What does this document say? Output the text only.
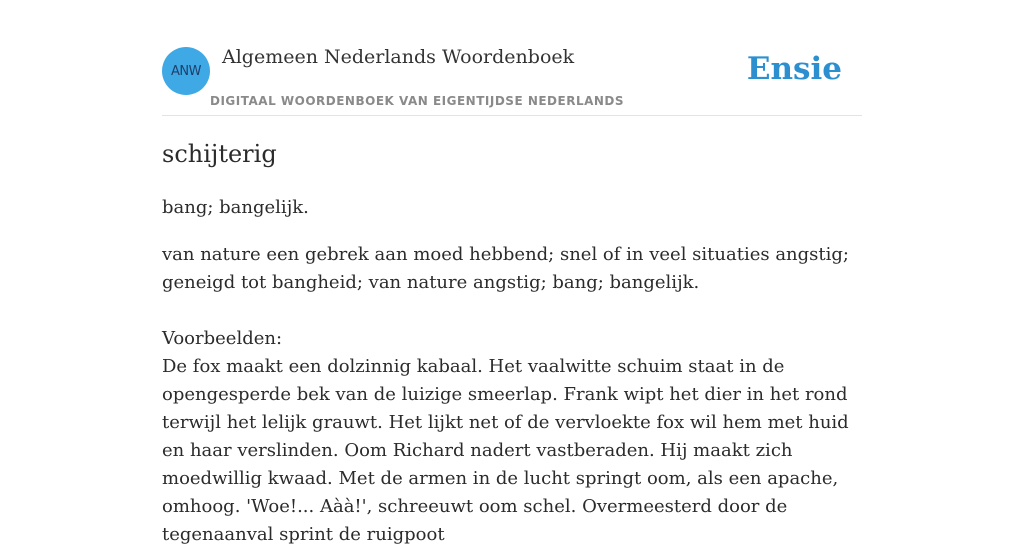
ANW
Algemeen Nederlands Woordenboek
DIGITAAL WOORDENBOEK VAN EIGENTIJDSE NEDERLANDS
Ensie
schijterig

bang; bangelijk.

van nature een gebrek aan moed hebbend; snel of in veel situaties angstig; geneigd tot bangheid; van nature angstig; bang; bangelijk.

Voorbeelden:

De fox maakt een dolzinnig kabaal. Het vaalwitte schuim staat in de opengesperde bek van de luizige smeerlap. Frank wipt het dier in het rond terwijl het lelijk grauwt. Het lijkt net of de vervloekte fox wil hem met huid en haar verslinden. Oom Richard nadert vastberaden. Hij maakt zich moedwillig kwaad. Met de armen in de lucht springt oom, als een apache, omhoog. 'Woe!... Aàà!', schreeuwt oom schel. Overmeesterd door de tegenaanval sprint de ruigpoot
